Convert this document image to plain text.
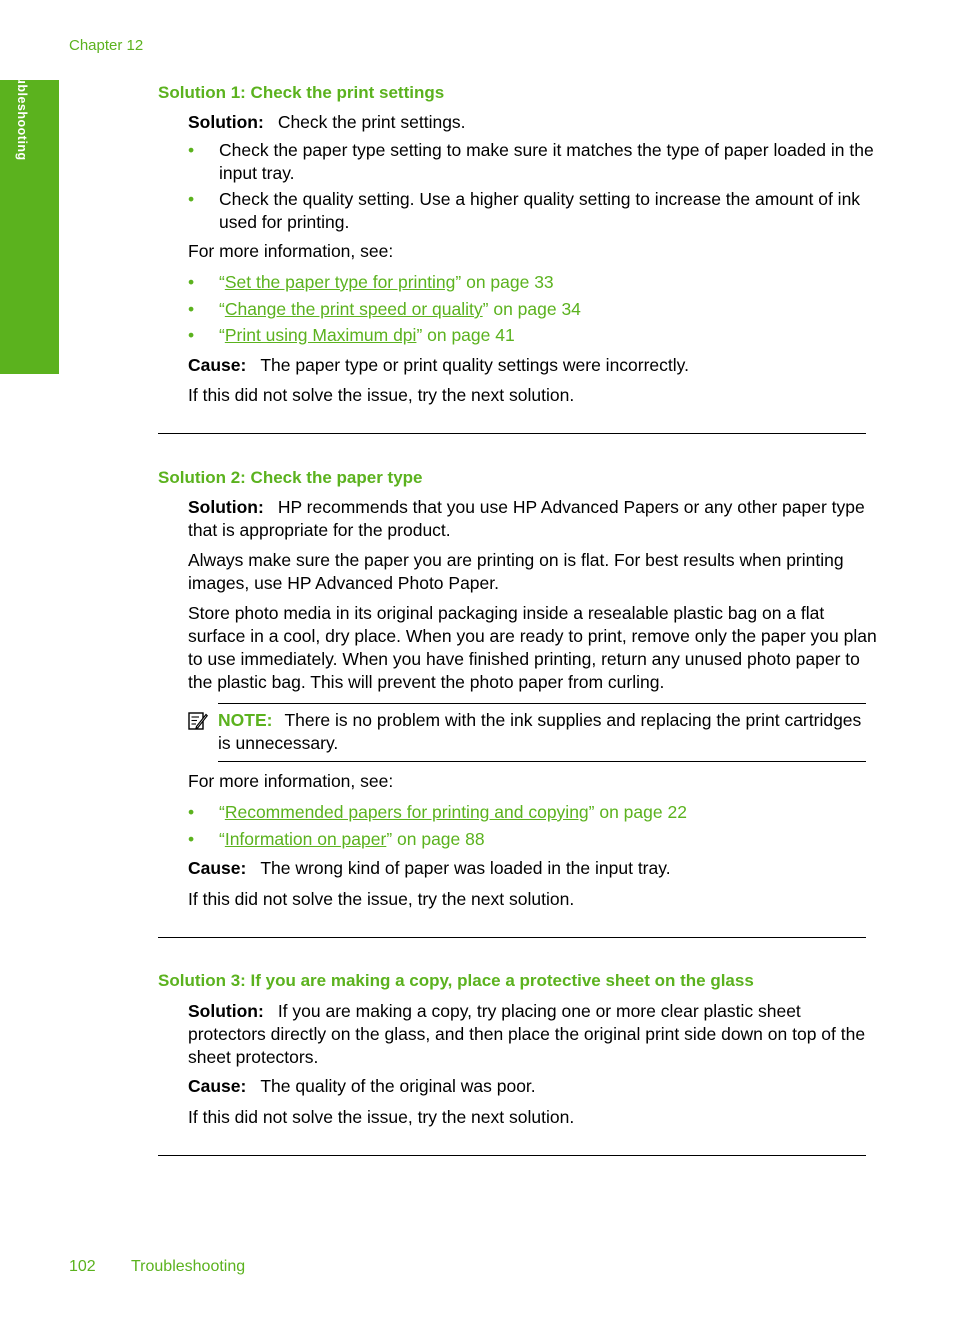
Chapter 12
Troubleshooting	Solution 1: Check the print settings
Solution: Check the print settings.
• Check the paper type setting to make sure it matches the type of paper loaded in the input tray.
• Check the quality setting. Use a higher quality setting to increase the amount of ink used for printing.
For more information, see:
• “Set the paper type for printing” on page 33
• “Change the print speed or quality” on page 34
• “Print using Maximum dpi” on page 41
Cause: The paper type or print quality settings were incorrectly.
If this did not solve the issue, try the next solution.
Solution 2: Check the paper type
Solution: HP recommends that you use HP Advanced Papers or any other paper type that is appropriate for the product.
Always make sure the paper you are printing on is flat. For best results when printing images, use HP Advanced Photo Paper.
Store photo media in its original packaging inside a resealable plastic bag on a flat surface in a cool, dry place. When you are ready to print, remove only the paper you plan to use immediately. When you have finished printing, return any unused photo paper to the plastic bag. This will prevent the photo paper from curling.
NOTE: There is no problem with the ink supplies and replacing the print cartridges is unnecessary.
For more information, see:
• “Recommended papers for printing and copying” on page 22
• “Information on paper” on page 88
Cause: The wrong kind of paper was loaded in the input tray.
If this did not solve the issue, try the next solution.
Solution 3: If you are making a copy, place a protective sheet on the glass
Solution: If you are making a copy, try placing one or more clear plastic sheet protectors directly on the glass, and then place the original print side down on top of the sheet protectors.
Cause: The quality of the original was poor.
If this did not solve the issue, try the next solution.
102 Troubleshooting
